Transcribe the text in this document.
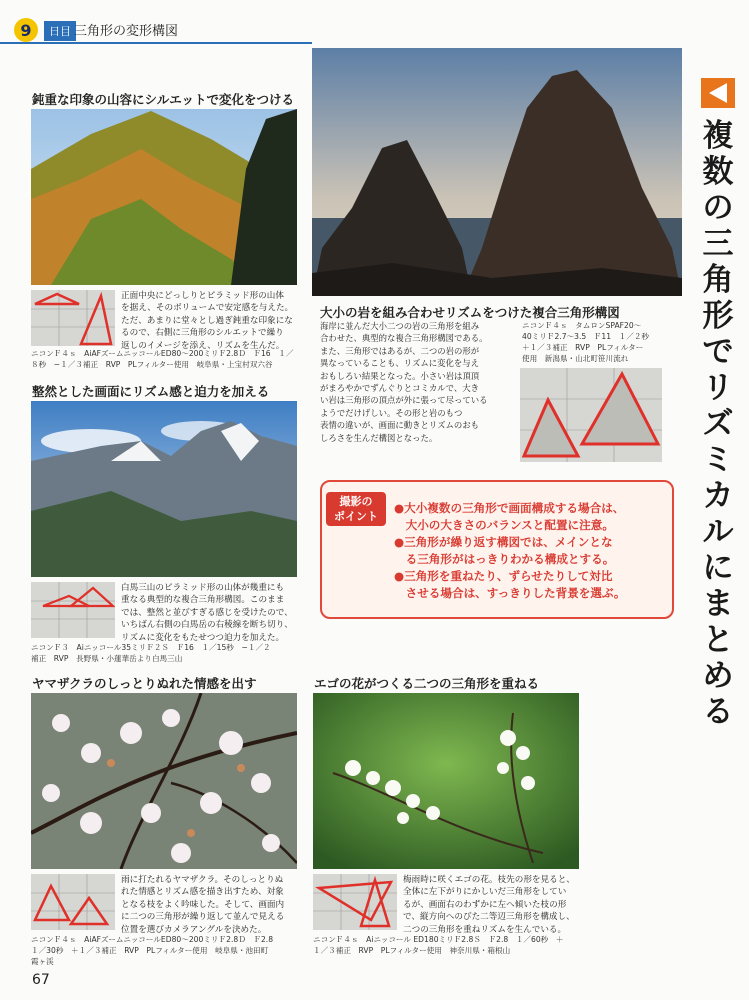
9	日目 三角形の変形構図
複数の三角形でリズミカルにまとめる
鈍重な印象の山容にシルエットで変化をつける
正面中央にどっしりとピラミッド形の山体
を据え、そのボリュームで安定感を与えた。
ただ、あまりに堂々とし過ぎ鈍重な印象にな
るので、右側に三角形のシルエットで繰り
返しのイメージを添え、リズムを生んだ。
ニコンＦ４ｓ　AiAFズームニッコールED80〜200ミリＦ2.8Ｄ　Ｆ16　１／
８秒　−１／３補正　RVP　PLフィルター使用　岐阜県・上宝村双六谷
整然とした画面にリズム感と迫力を加える
白馬三山のピラミッド形の山体が幾重にも
重なる典型的な複合三角形構図。このまま
では、整然と並びすぎる感じを受けたので、
いちばん右側の白馬岳の右稜線を断ち切り、
リズムに変化をもたせつつ迫力を加えた。
ニコンＦ３　Aiニッコール35ミリＦ２Ｓ　Ｆ16　１／15秒　−１／２
補正　RVP　長野県・小蓮華岳より白馬三山
大小の岩を組み合わせリズムをつけた複合三角形構図
海岸に並んだ大小二つの岩の三角形を組み
合わせた、典型的な複合三角形構図である。
また、三角形ではあるが、二つの岩の形が
異なっていることも、リズムに変化を与え
おもしろい結果となった。小さい岩は頂頂
がまろやかでずんぐりとコミカルで、大き
い岩は三角形の頂点が外に張って尽っている
ようでだけげしい。その形と岩のもつ
表情の違いが、画面に動きとリズムのおも
しろさを生んだ構図となった。
ニコンＦ４ｓ　タムロンSPAF20〜
40ミリＦ2.7〜3.5　Ｆ11　１／２秒
＋１／３補正　RVP　PLフィルター
使用　新潟県・山北町笹川流れ
撮影の
ポイント
●大小複数の三角形で画面構成する場合は、
　大小の大きさのバランスと配置に注意。
●三角形が繰り返す構図では、メインとな
　る三角形がはっきりわかる構成とする。
●三角形を重ねたり、ずらせたりして対比
　させる場合は、すっきりした背景を選ぶ。
ヤマザクラのしっとりぬれた情感を出す
雨に打たれるヤマザクラ。そのしっとりぬ
れた情感とリズム感を描き出すため、対象
となる枝をよく吟味した。そして、画面内
に二つの三角形が繰り返して並んで見える
位置を選びカメラアングルを決めた。
ニコンＦ４ｓ　AiAFズームニッコールED80〜200ミリＦ2.8Ｄ　Ｆ2.8
１／30秒　＋１／３補正　RVP　PLフィルター使用　岐阜県・池田町
霞ヶ渓
エゴの花がつくる二つの三角形を重ねる
梅雨時に咲くエゴの花。枝先の形を見ると、
全体に左下がりにかしいだ三角形をしてい
るが、画面右のわずかに左へ傾いた枝の形
で、縦方向へのびた二等辺三角形を構成し、
二つの三角形を重ねリズムを生んでいる。
ニコンＦ４ｓ　Aiニッコール ED180ミリＦ2.8Ｓ　Ｆ2.8　１／60秒　＋
１／３補正　RVP　PLフィルター使用　神奈川県・箱根山
67
